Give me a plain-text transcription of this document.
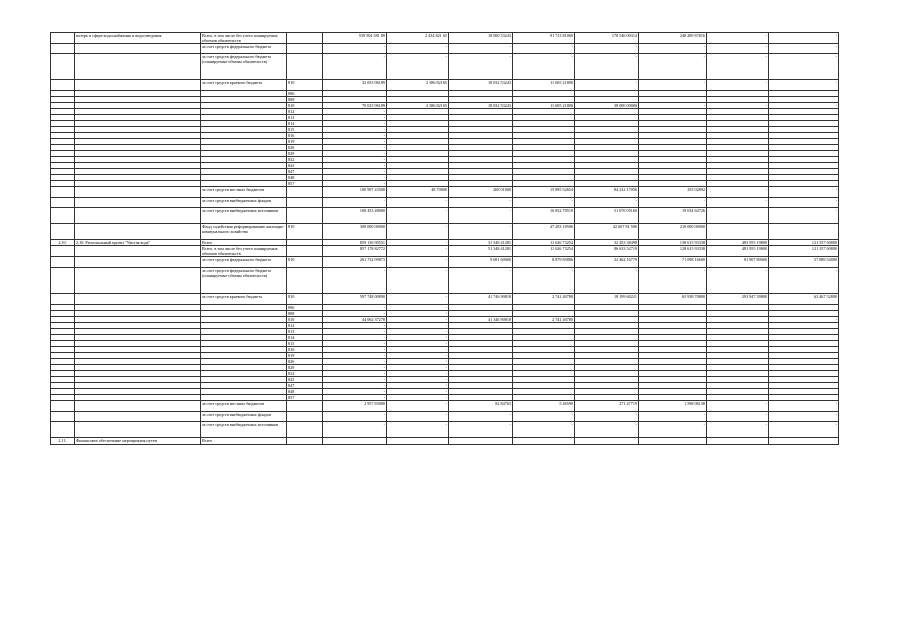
	потерь в сфере водоснабжения и водоотведения	Всего, в том числе без учета планируемых объемов обязательств		539 504 581 89	2 434 821 65	18 000 53243	91 713 81060	178 546 00314	248 289 67816	-	-
		за счет средств федерального бюджета		-	-	-	-	-	-	-	-
		за счет средств федерального бюджета (планируемые объемы обязательств)		-	-	-	-	-	-	-	-
		за счет средств краевого бюджета	810	32 053 96189	2 386 82165	18 032 53243	11 605 21800	-	-	-	-
			806								
			808								
			810	70 023 96189	2 386 82165	18 032 53243	11 605 21800	38 000 00000	-	-	-
			812	-							
			813	-							
			814	-							
			815	-							
			816	-							
			819	-							
			826	-							
			829	-							
			832	-							
			843	-							
			847	-							
			848	-							
			857	-							
		за счет средств местных бюджетов		100 997 43500	48 70000	268 01000	15 895 52654	84 232 17056	255 02892	-	-
		за счет средств внебюджетных фондов		-	-	-	-	-	-	-	-
		за счет средств внебюджетных источников		108 453 48000	-	-	16 832 78519	51 676 05160	19 034 64726		-
		Фонд содействия реформированию жилищно-коммунального хозяйства	810	300 000 00000	-	-	47 293 18500	42 607 81 500	210 000 00000		
2.10.	2.10. Региональный проект "Чистая вода"	Всего		859 136 90551	-	31 348 41281	11 626 73254	32 453 38498	138 615 93338	483 955 19800	121 357 60800
		Всего, в том числе без учета планируемых объемов обязательств		857 178 82772	-	51 348 41281	11 626 73254	86 633 52719	128 615 93338	481 955 19800	121 357 60800
		за счет средств федерального бюджета	810	261 732 99873	-	9 681 60000	8 879 85806	32 462 16779	71 098 16600	81 907 80000	57 889 54000
		за счет средств федерального бюджета (планируемые объемы обязательств)		-	-	-	-	-	-	-	-
		за счет средств краевого бюджета	810	597 748 00890	-	41 746 90818	2 741 40780	18 199 60221	65 938 70800	293 947 39800	63 467 52800
			806	-	-						
			808	-	-						
			810	44 062 37278	-	41 346 90818	2 741 40780				-
			812	-	-						
			813	-	-						
			814	-	-						
			815	-	-						
			816	-	-						
			819	-	-						
			826	-	-						
			829	-	-						
			832	-	-						
			843	-	-						
			847	-	-						
			848	-	-						
			857	-	-						
		за счет средств местных бюджетов		2 957 83000	-	82 84763	5 46590	271 47719	1 598 06138	-	-
		за счет средств внебюджетных фондов		-	-	-	-	-	-	-	-
		за счет средств внебюджетных источников		-	-	-	-	-	-	-	-
2.11.	Финансовое обеспечение мероприятия путем	Всего									
